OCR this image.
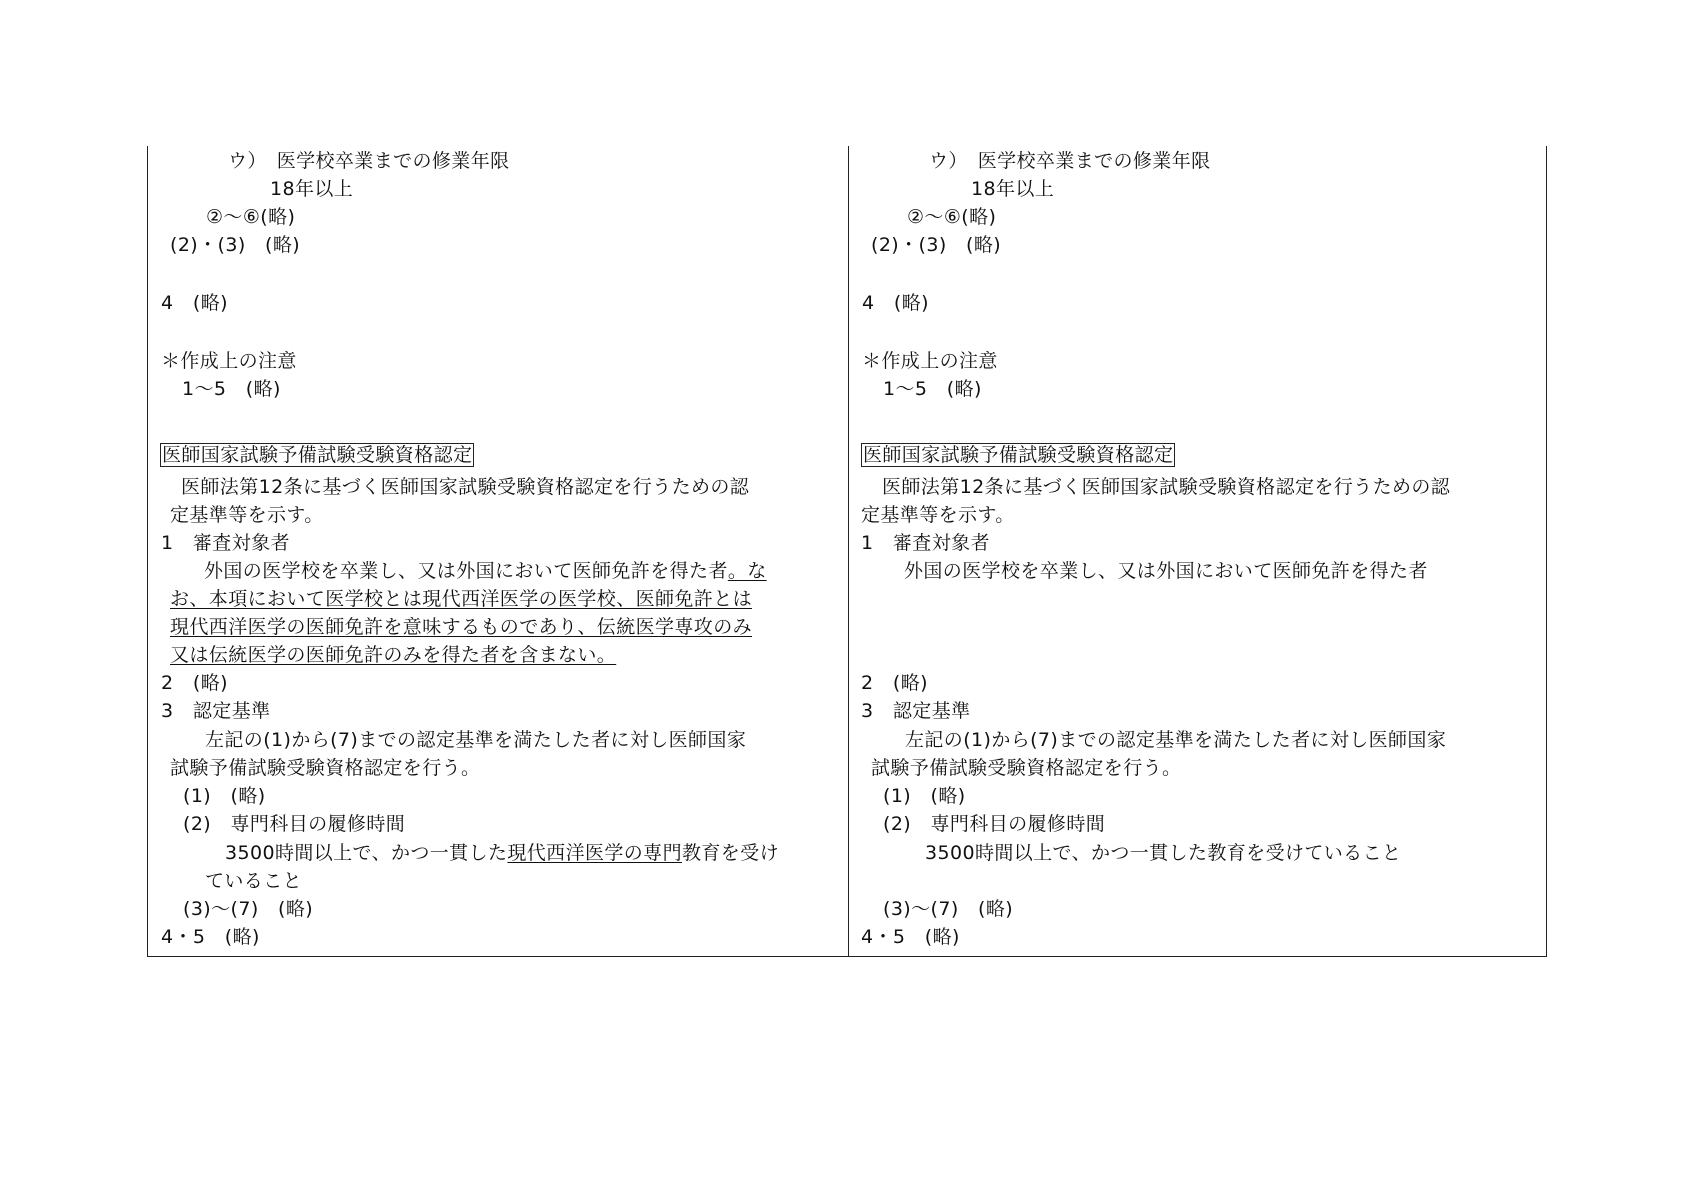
ウ）　医学校卒業までの修業年限
18年以上
②〜⑥(略)
(2)・(3)　(略)
4　(略)
＊作成上の注意
1〜5　(略)
医師国家試験予備試験受験資格認定
医師法第12条に基づく医師国家試験受験資格認定を行うための認
定基準等を示す。
1　審査対象者
外国の医学校を卒業し、又は外国において医師免許を得た者。な
お、本項において医学校とは現代西洋医学の医学校、医師免許とは
現代西洋医学の医師免許を意味するものであり、伝統医学専攻のみ
又は伝統医学の医師免許のみを得た者を含まない。
2　(略)
3　認定基準
左記の(1)から(7)までの認定基準を満たした者に対し医師国家
試験予備試験受験資格認定を行う。
(1)　(略)
(2)　専門科目の履修時間
3500時間以上で、かつ一貫した現代西洋医学の専門教育を受け
ていること
(3)〜(7)　(略)
4・5　(略)
ウ）　医学校卒業までの修業年限
18年以上
②〜⑥(略)
(2)・(3)　(略)
4　(略)
＊作成上の注意
1〜5　(略)
医師国家試験予備試験受験資格認定
医師法第12条に基づく医師国家試験受験資格認定を行うための認
定基準等を示す。
1　審査対象者
外国の医学校を卒業し、又は外国において医師免許を得た者
2　(略)
3　認定基準
左記の(1)から(7)までの認定基準を満たした者に対し医師国家
試験予備試験受験資格認定を行う。
(1)　(略)
(2)　専門科目の履修時間
3500時間以上で、かつ一貫した教育を受けていること
(3)〜(7)　(略)
4・5　(略)
